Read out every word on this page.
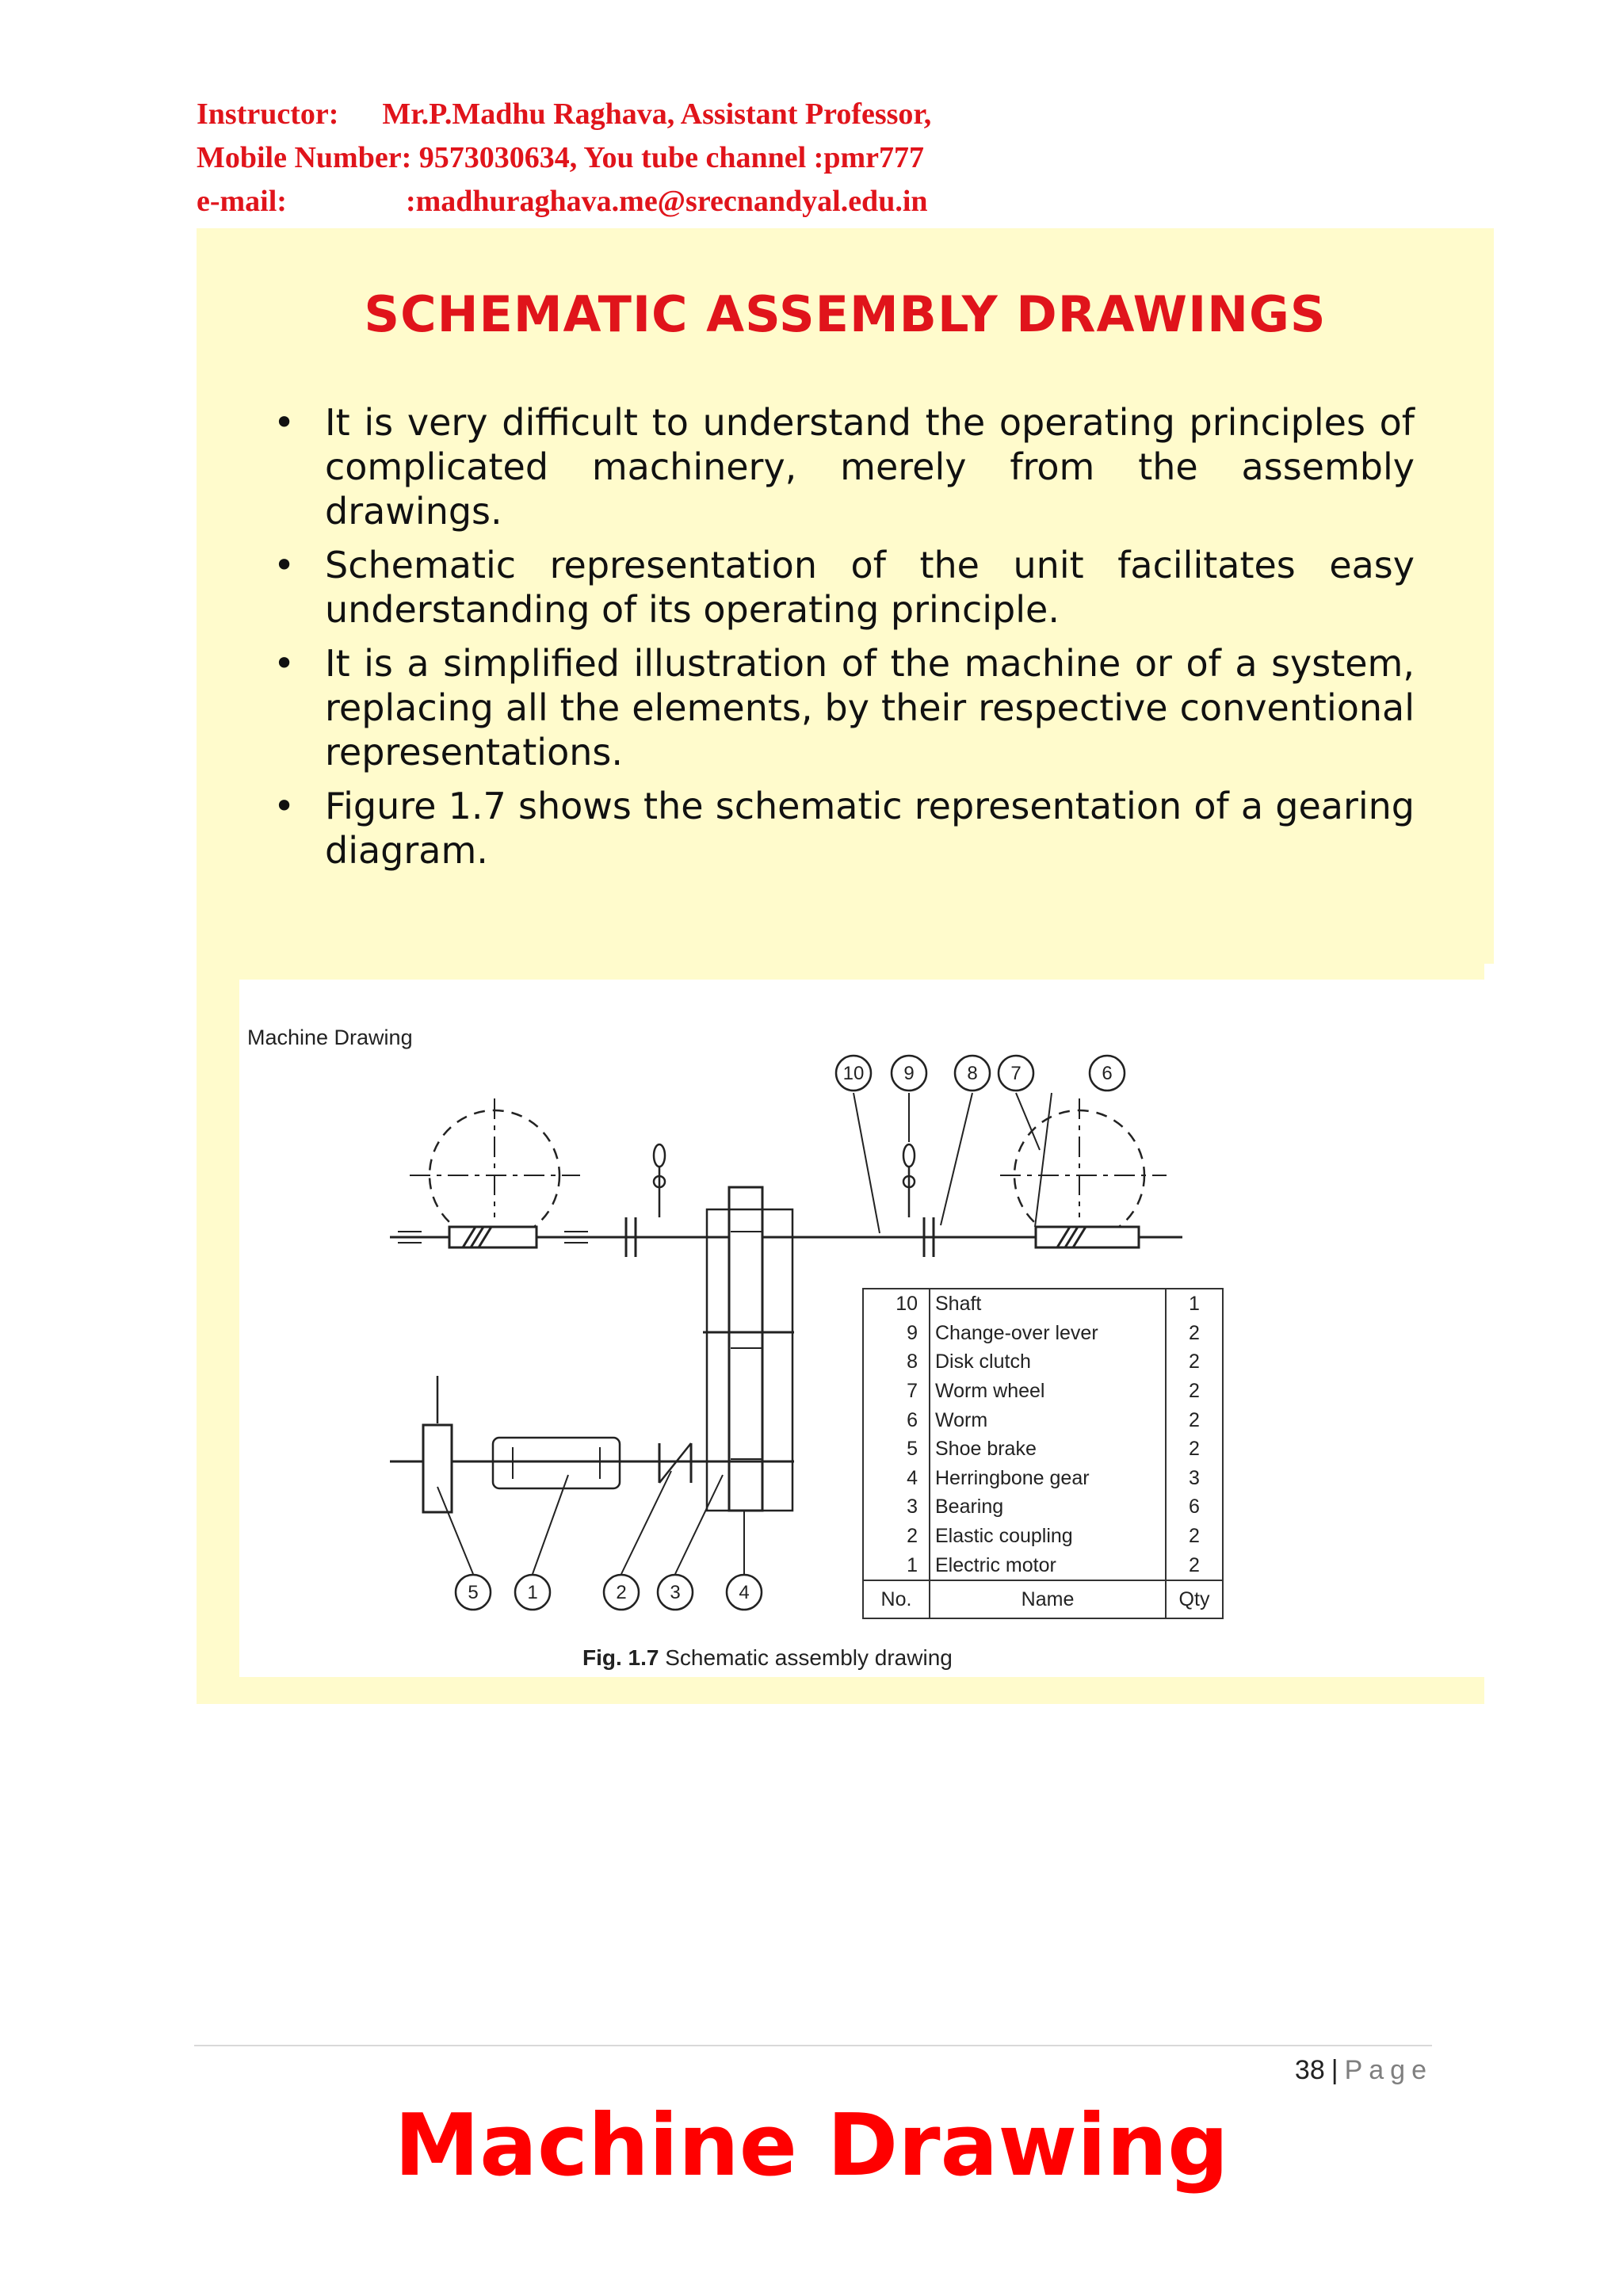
Instructor: Mr.P.Madhu Raghava, Assistant Professor,
Mobile Number: 9573030634, You tube channel :pmr777
e-mail:	:madhuraghava.me@srecnandyal.edu.in
SCHEMATIC ASSEMBLY DRAWINGS
• It is very difficult to understand the operating principles of complicated machinery, merely from the assembly drawings.
• Schematic representation of the unit facilitates easy understanding of its operating principle.
• It is a simplified illustration of the machine or of a system, replacing all the elements, by their respective conventional representations.
• Figure 1.7 shows the schematic representation of a gearing diagram.
Machine Drawing
10 9	8 7	6
5	1	2 3	4
10	Shaft	1
9	Change-over lever	2
8	Disk clutch	2
7	Worm wheel	2
6	Worm	2
5	Shoe brake	2
4	Herringbone gear	3
3	Bearing	6
2	Elastic coupling	2
1	Electric motor	2
No.	Name	Qty
Fig. 1.7 Schematic assembly drawing
38 | Page
Machine Drawing
